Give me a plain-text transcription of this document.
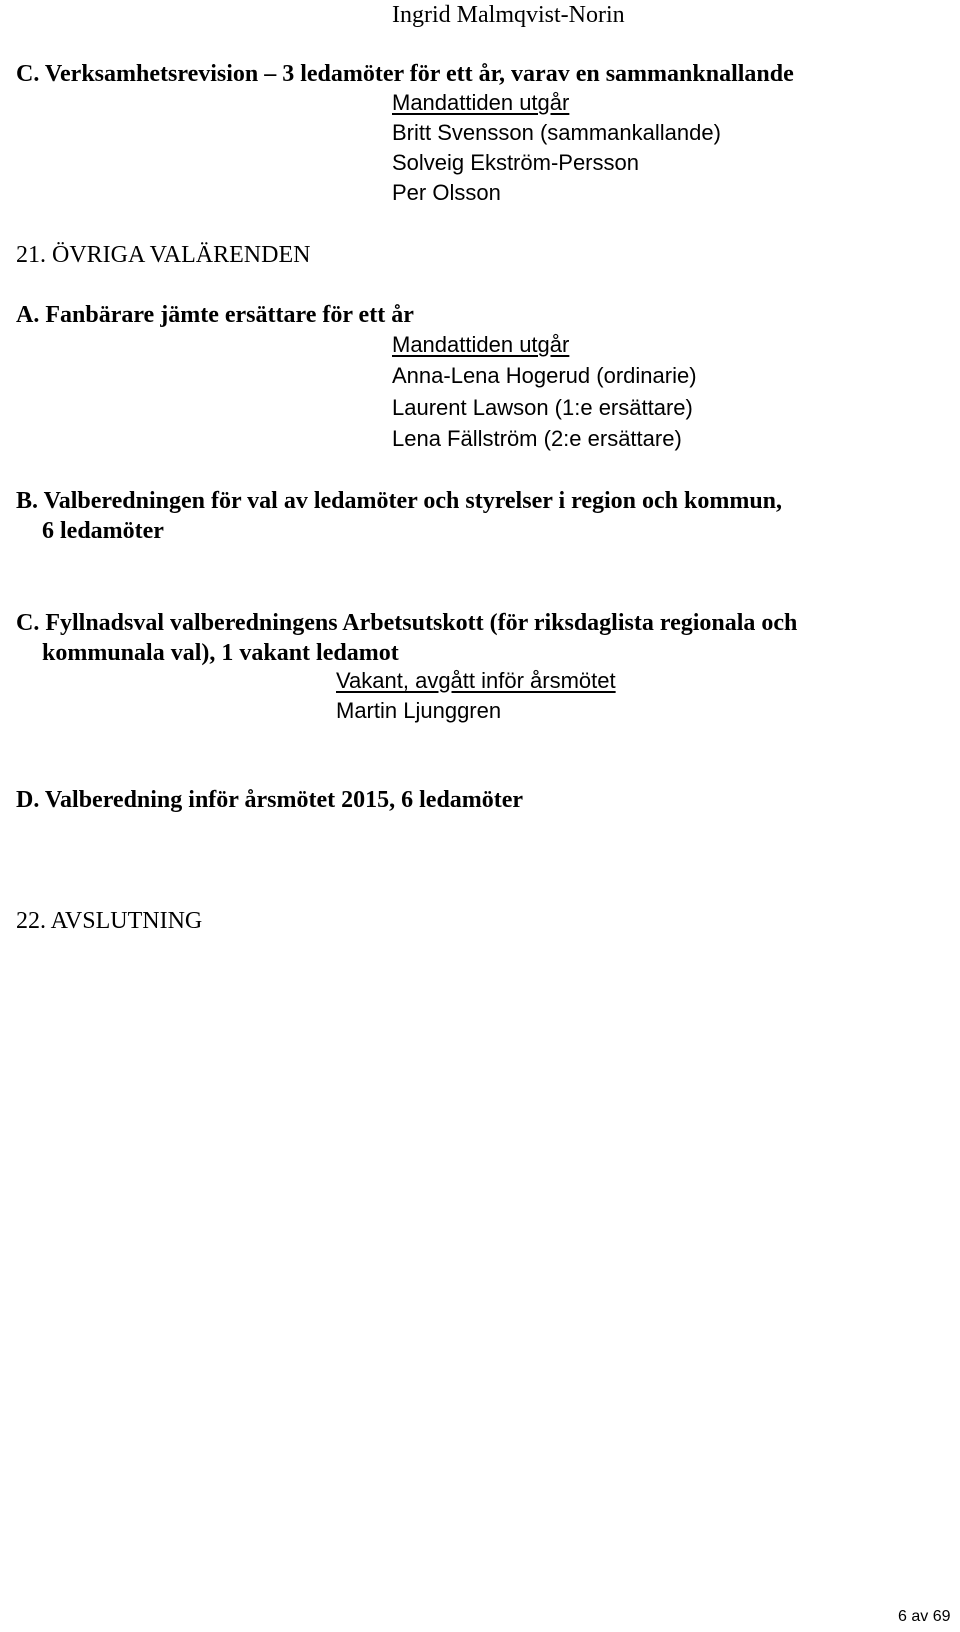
Ingrid Malmqvist-Norin
C. Verksamhetsrevision – 3 ledamöter för ett år, varav en sammanknallande
Mandattiden utgår
Britt Svensson (sammankallande)
Solveig Ekström-Persson
Per Olsson
21. ÖVRIGA VALÄRENDEN
A. Fanbärare jämte ersättare för ett år
Mandattiden utgår
Anna-Lena Hogerud (ordinarie)
Laurent Lawson (1:e ersättare)
Lena Fällström (2:e ersättare)
B. Valberedningen för val av ledamöter och styrelser i region och kommun,
6 ledamöter
C. Fyllnadsval valberedningens Arbetsutskott (för riksdaglista regionala och
kommunala val), 1 vakant ledamot
Vakant, avgått inför årsmötet
Martin Ljunggren
D. Valberedning inför årsmötet 2015, 6 ledamöter
22. AVSLUTNING
6 av 69
